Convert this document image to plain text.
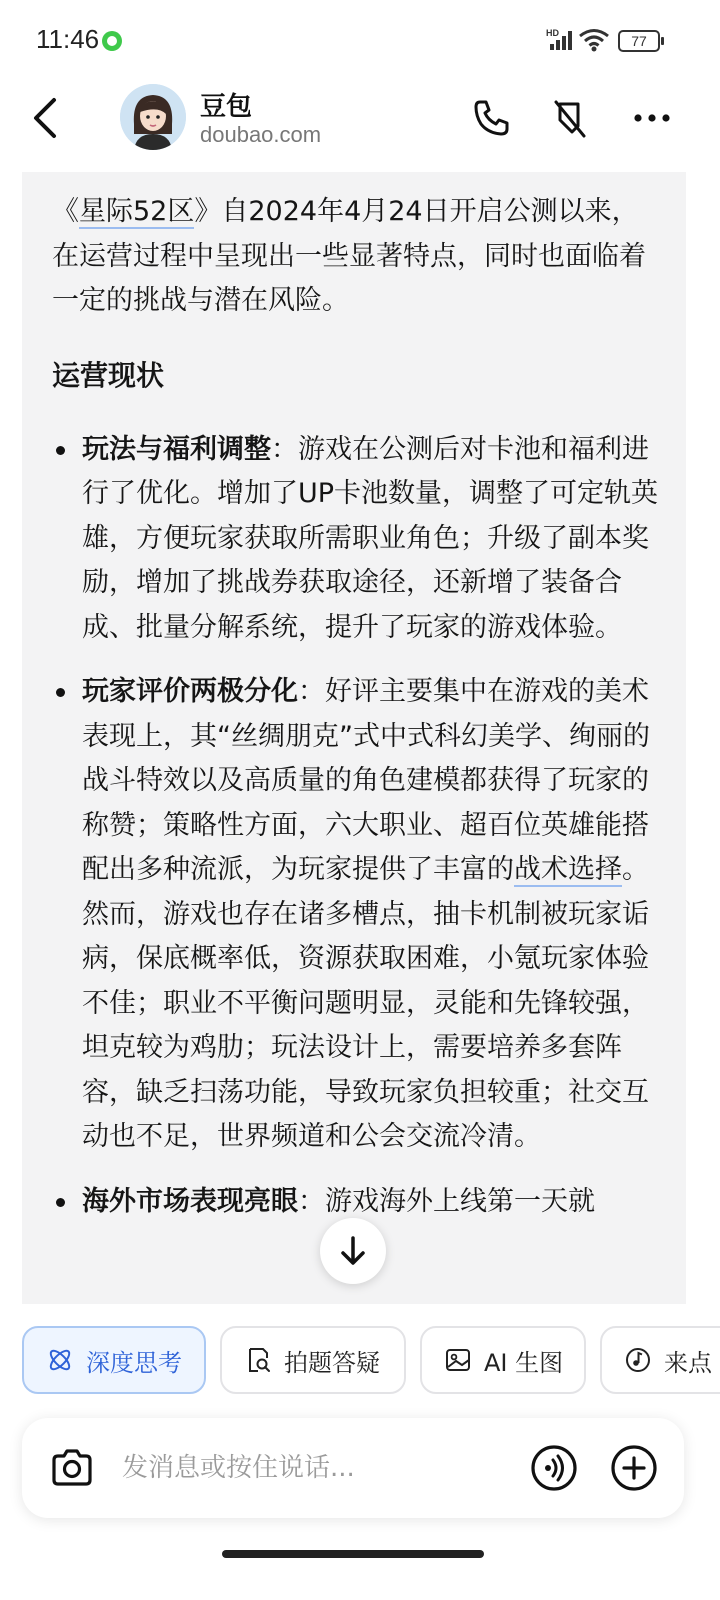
11:46	HD	77
豆包
doubao.com

《星际52区》自2024年4月24日开启公测以来，在运营过程中呈现出一些显著特点，同时也面临着一定的挑战与潜在风险。

运营现状

玩法与福利调整：游戏在公测后对卡池和福利进行了优化。增加了UP卡池数量，调整了可定轨英雄，方便玩家获取所需职业角色；升级了副本奖励，增加了挑战券获取途径，还新增了装备合成、批量分解系统，提升了玩家的游戏体验。
玩家评价两极分化：好评主要集中在游戏的美术表现上，其“丝绸朋克”式中式科幻美学、绚丽的战斗特效以及高质量的角色建模都获得了玩家的称赞；策略性方面，六大职业、超百位英雄能搭配出多种流派，为玩家提供了丰富的战术选择。然而，游戏也存在诸多槽点，抽卡机制被玩家诟病，保底概率低，资源获取困难，小氪玩家体验不佳；职业不平衡问题明显，灵能和先锋较强，坦克较为鸡肋；玩法设计上，需要培养多套阵容，缺乏扫荡功能，导致玩家负担较重；社交互动也不足，世界频道和公会交流冷清。
海外市场表现亮眼：游戏海外上线第一天就
深度思考	拍题答疑	AI 生图	来点
发消息或按住说话...
